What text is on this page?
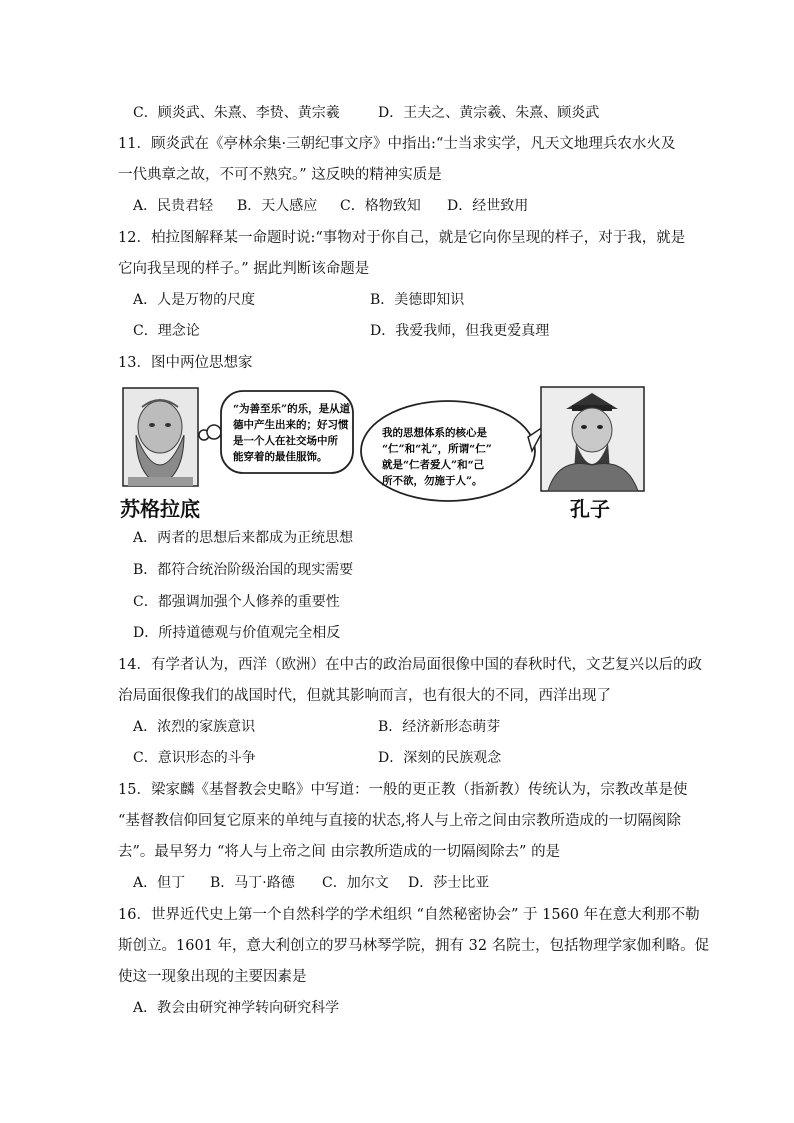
C．顾炎武、朱熹、李贽、黄宗羲	D．王夫之、黄宗羲、朱熹、顾炎武
11．顾炎武在《亭林余集·三朝纪事文序》中指出:“士当求实学，凡天文地理兵农水火及
一代典章之故，不可不熟究。” 这反映的精神实质是
A．民贵君轻 B．天人感应 C．格物致知 D．经世致用
12．柏拉图解释某一命题时说:“事物对于你自己，就是它向你呈现的样子，对于我，就是
它向我呈现的样子。” 据此判断该命题是
A．人是万物的尺度	B．美德即知识
C．理念论	D．我爱我师，但我更爱真理
13．图中两位思想家
“为善至乐”的乐，是从道
德中产生出来的；好习惯
是一个人在社交场中所
能穿着的最佳服饰。
我的思想体系的核心是
“仁”和“礼”，所谓“仁”
就是“仁者爱人”和“己
所不欲，勿施于人”。
苏格拉底	孔子
A．两者的思想后来都成为正统思想
B．都符合统治阶级治国的现实需要
C．都强调加强个人修养的重要性
D．所持道德观与价值观完全相反
14．有学者认为，西洋（欧洲）在中古的政治局面很像中国的春秋时代，文艺复兴以后的政
治局面很像我们的战国时代，但就其影响而言，也有很大的不同，西洋出现了
A．浓烈的家族意识	B．经济新形态萌芽
C．意识形态的斗争	D．深刻的民族观念
15．梁家麟《基督教会史略》中写道：一般的更正教（指新教）传统认为，宗教改革是使
“基督教信仰回复它原来的单纯与直接的状态,将人与上帝之间由宗教所造成的一切隔阂除
去”。最早努力 “将人与上帝之间 由宗教所造成的一切隔阂除去” 的是
A．但丁 B．马丁·路德 C．加尔文 D．莎士比亚
16．世界近代史上第一个自然科学的学术组织 “自然秘密协会” 于 1560 年在意大利那不勒
斯创立。1601 年，意大利创立的罗马林琴学院，拥有 32 名院士，包括物理学家伽利略。促
使这一现象出现的主要因素是
A．教会由研究神学转向研究科学
